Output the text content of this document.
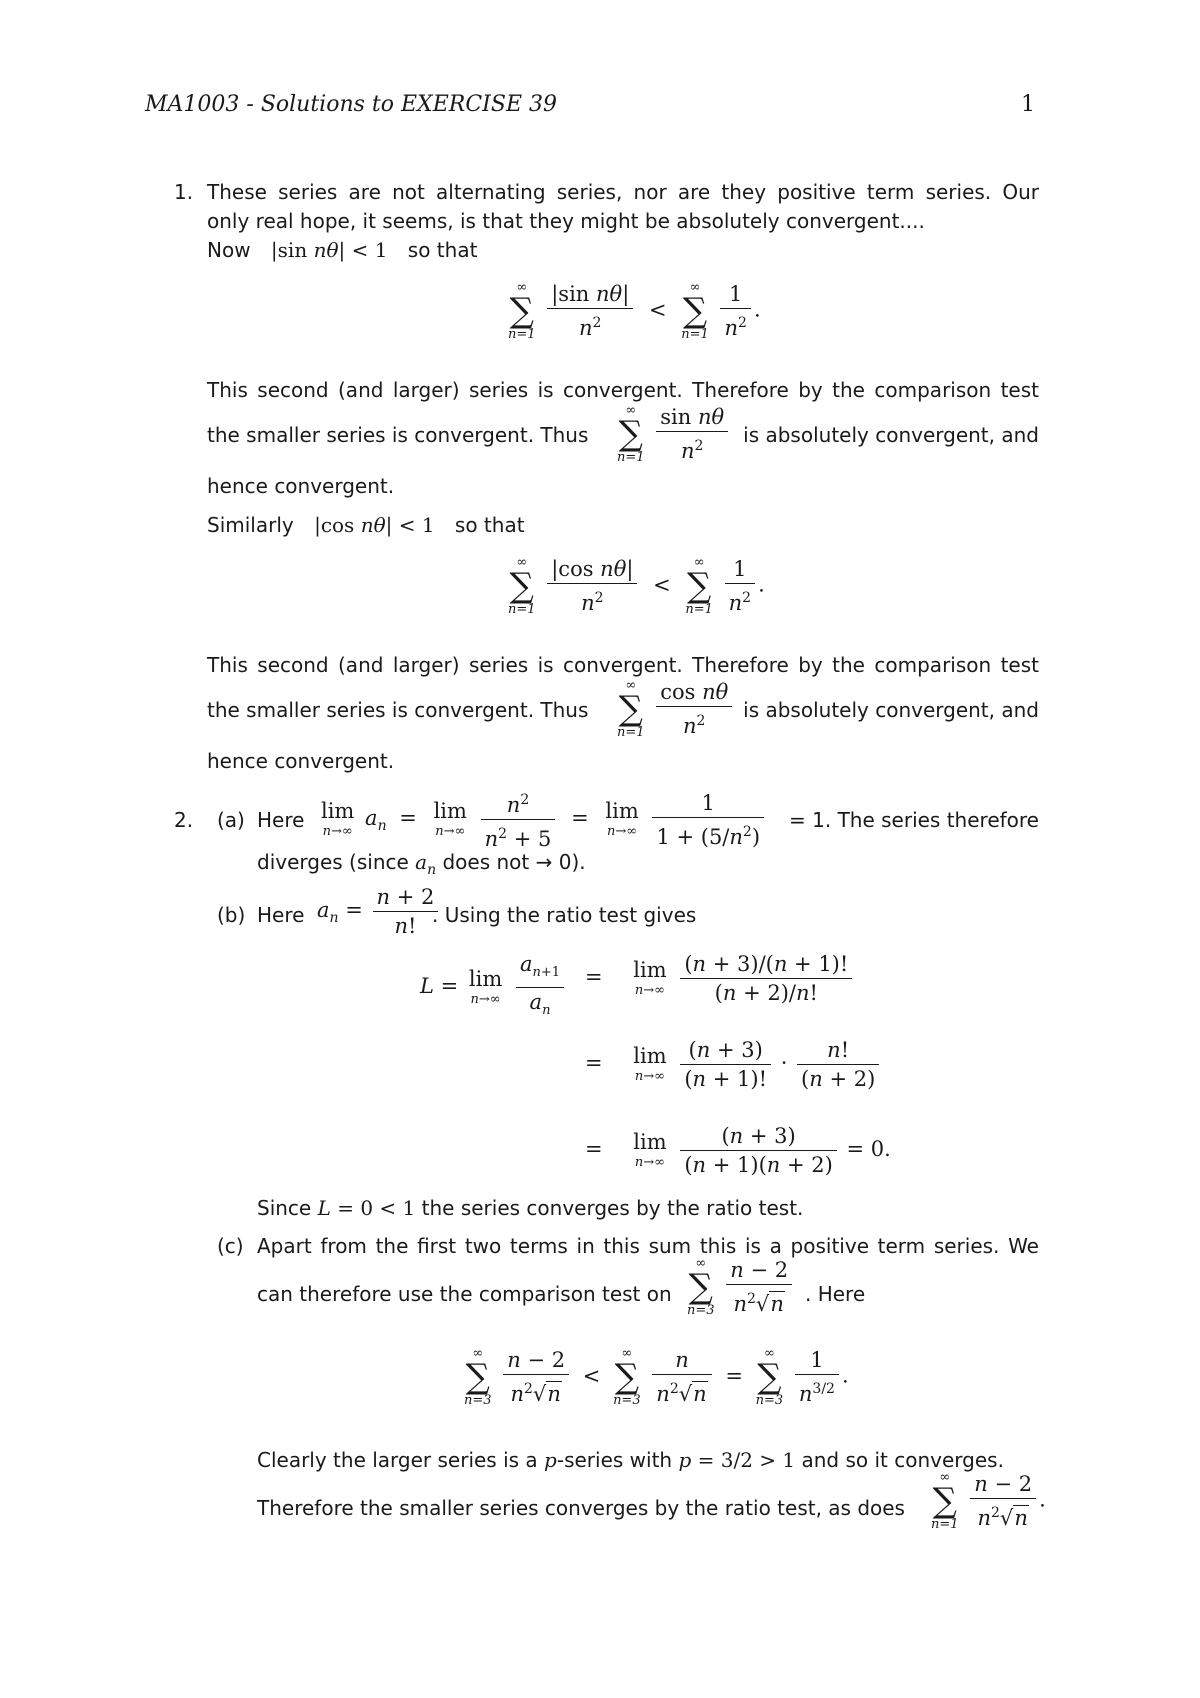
MA1003 - Solutions to EXERCISE 39	1
1. These series are not alternating series, nor are they positive term series. Our
only real hope, it seems, is that they might be absolutely convergent....
Now |sin nθ| < 1 so that
∞
∑
n=1
$\frac{\text{|sin nθ|}}{n^2}$ <
∞
∑
n=1
$\frac{1}{n^2}$ .
This second (and larger) series is convergent. Therefore by the comparison test
the smaller series is convergent. Thus
∞
∑
n=1
$\frac{\text{sin nθ}}{n^2}$ is absolutely convergent, and
hence convergent.
Similarly |cos nθ| < 1 so that
∞
∑
n=1
$\frac{\text{|cos nθ|}}{n^2}$ <
∞
∑
n=1
$\frac{1}{n^2}$ .
This second (and larger) series is convergent. Therefore by the comparison test
the smaller series is convergent. Thus
∞
∑
n=1
$\frac{\text{cos nθ}}{n^2}$ is absolutely convergent, and
hence convergent.
2. (a) Here lim
n→∞
$a_n = \lim$
n→∞
$\frac{n^2}{n^2 + 5} = \lim$
n→∞
$\frac{1}{1 + (5/n^2)} = 1$. The series therefore
diverges (since $a_n$ does not → 0).
(b) Here $a_n = \frac{n + 2}{n!}$
. Using the ratio test gives
L = lim
n→∞
$\frac{a_{n+1}}{a_n} = \lim$
n→∞
$\frac{(n + 3)/(n + 1)!}{(n + 2)/n!}$
= lim
n→∞
$\frac{(n + 3)}{(n + 1)!} \cdot \frac{n!}{(n + 2)}$
= lim
n→∞
$\frac{(n + 3)}{(n + 1)(n + 2)} = 0$.
Since L = 0 < 1 the series converges by the ratio test.
(c) Apart from the first two terms in this sum this is a positive term series. We
can therefore use the comparison test on
∞
∑
n=3
$\frac{n - 2}{n^2√n}$ . Here
∞
∑
n=3
$\frac{n - 2}{n^2√n}$ <
∞
∑
n=3
$\frac{n}{n^2√n}$ =
∞
∑
n=3
$\frac{1}{n^{3/2}}$ .
Clearly the larger series is a p-series with p = 3/2 > 1 and so it converges.
Therefore the smaller series converges by the ratio test, as does
∞
∑
n=1
$\frac{n - 2}{n^2√n}$ .
